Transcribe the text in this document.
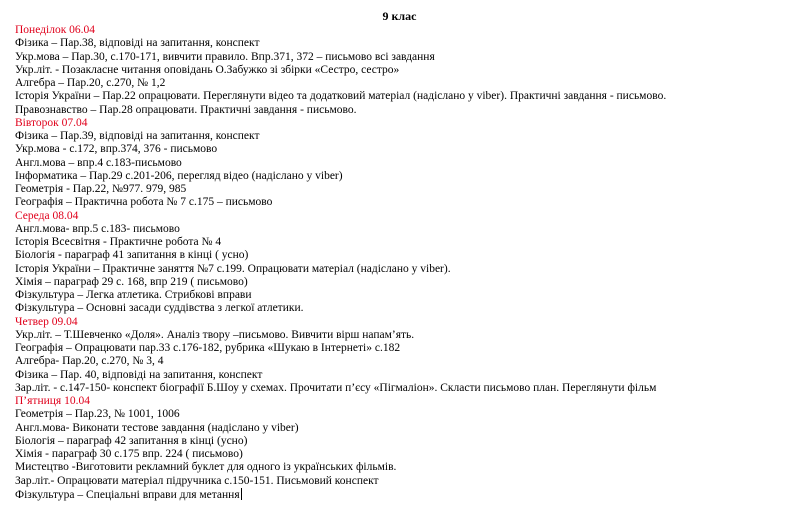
9 клас
Понеділок 06.04
Фізика – Пар.38, відповіді на запитання, конспект
Укр.мова – Пар.30, с.170-171, вивчити правило. Впр.371, 372 – письмово всі завдання
Укр.літ. - Позакласне читання оповідань О.Забужко зі збірки «Сестро, сестро»
Алгебра – Пар.20, с.270, № 1,2
Історія України – Пар.22 опрацювати. Переглянути відео та додатковий матеріал (надіслано у viber). Практичні завдання - письмово.
Правознавство – Пар.28 опрацювати. Практичні завдання - письмово.
Вівторок 07.04
Фізика – Пар.39, відповіді на запитання, конспект
Укр.мова - с.172, впр.374, 376 - письмово
Англ.мова – впр.4 с.183-письмово
Інформатика – Пар.29 с.201-206, перегляд відео (надіслано у viber)
Геометрія - Пар.22, №977. 979, 985
Географія – Практична робота № 7 с.175 – письмово
Середа 08.04
Англ.мова- впр.5 с.183- письмово
Історія Всесвітня - Практичне робота № 4
Біологія - параграф 41 запитання в кінці ( усно)
Історія України – Практичне заняття №7 с.199. Опрацювати матеріал (надіслано у viber).
Хімія – параграф 29 с. 168, впр 219 ( письмово)
Фізкультура – Легка атлетика. Стрибкові вправи
Фізкультура – Основні засади суддівства з легкої атлетики.
Четвер 09.04
Укр.літ. – Т.Шевченко «Доля». Аналіз твору –письмово. Вивчити вірш напам’ять.
Географія – Опрацювати пар.33 с.176-182, рубрика «Шукаю в Інтернеті» с.182
Алгебра- Пар.20, с.270, № 3, 4
Фізика – Пар. 40, відповіді на запитання, конспект
Зар.літ. - с.147-150- конспект біографії Б.Шоу у схемах. Прочитати п’єсу «Пігмаліон». Скласти письмово план. Переглянути фільм
П’ятниця 10.04
Геометрія – Пар.23, № 1001, 1006
Англ.мова- Виконати тестове завдання (надіслано у viber)
Біологія – параграф 42 запитання в кінці (усно)
Хімія - параграф 30 с.175 впр. 224 ( письмово)
Мистецтво -Виготовити рекламний буклет для одного із українських фільмів.
Зар.літ.- Опрацювати матеріал підручника с.150-151. Письмовий конспект
Фізкультура – Спеціальні вправи для метання
